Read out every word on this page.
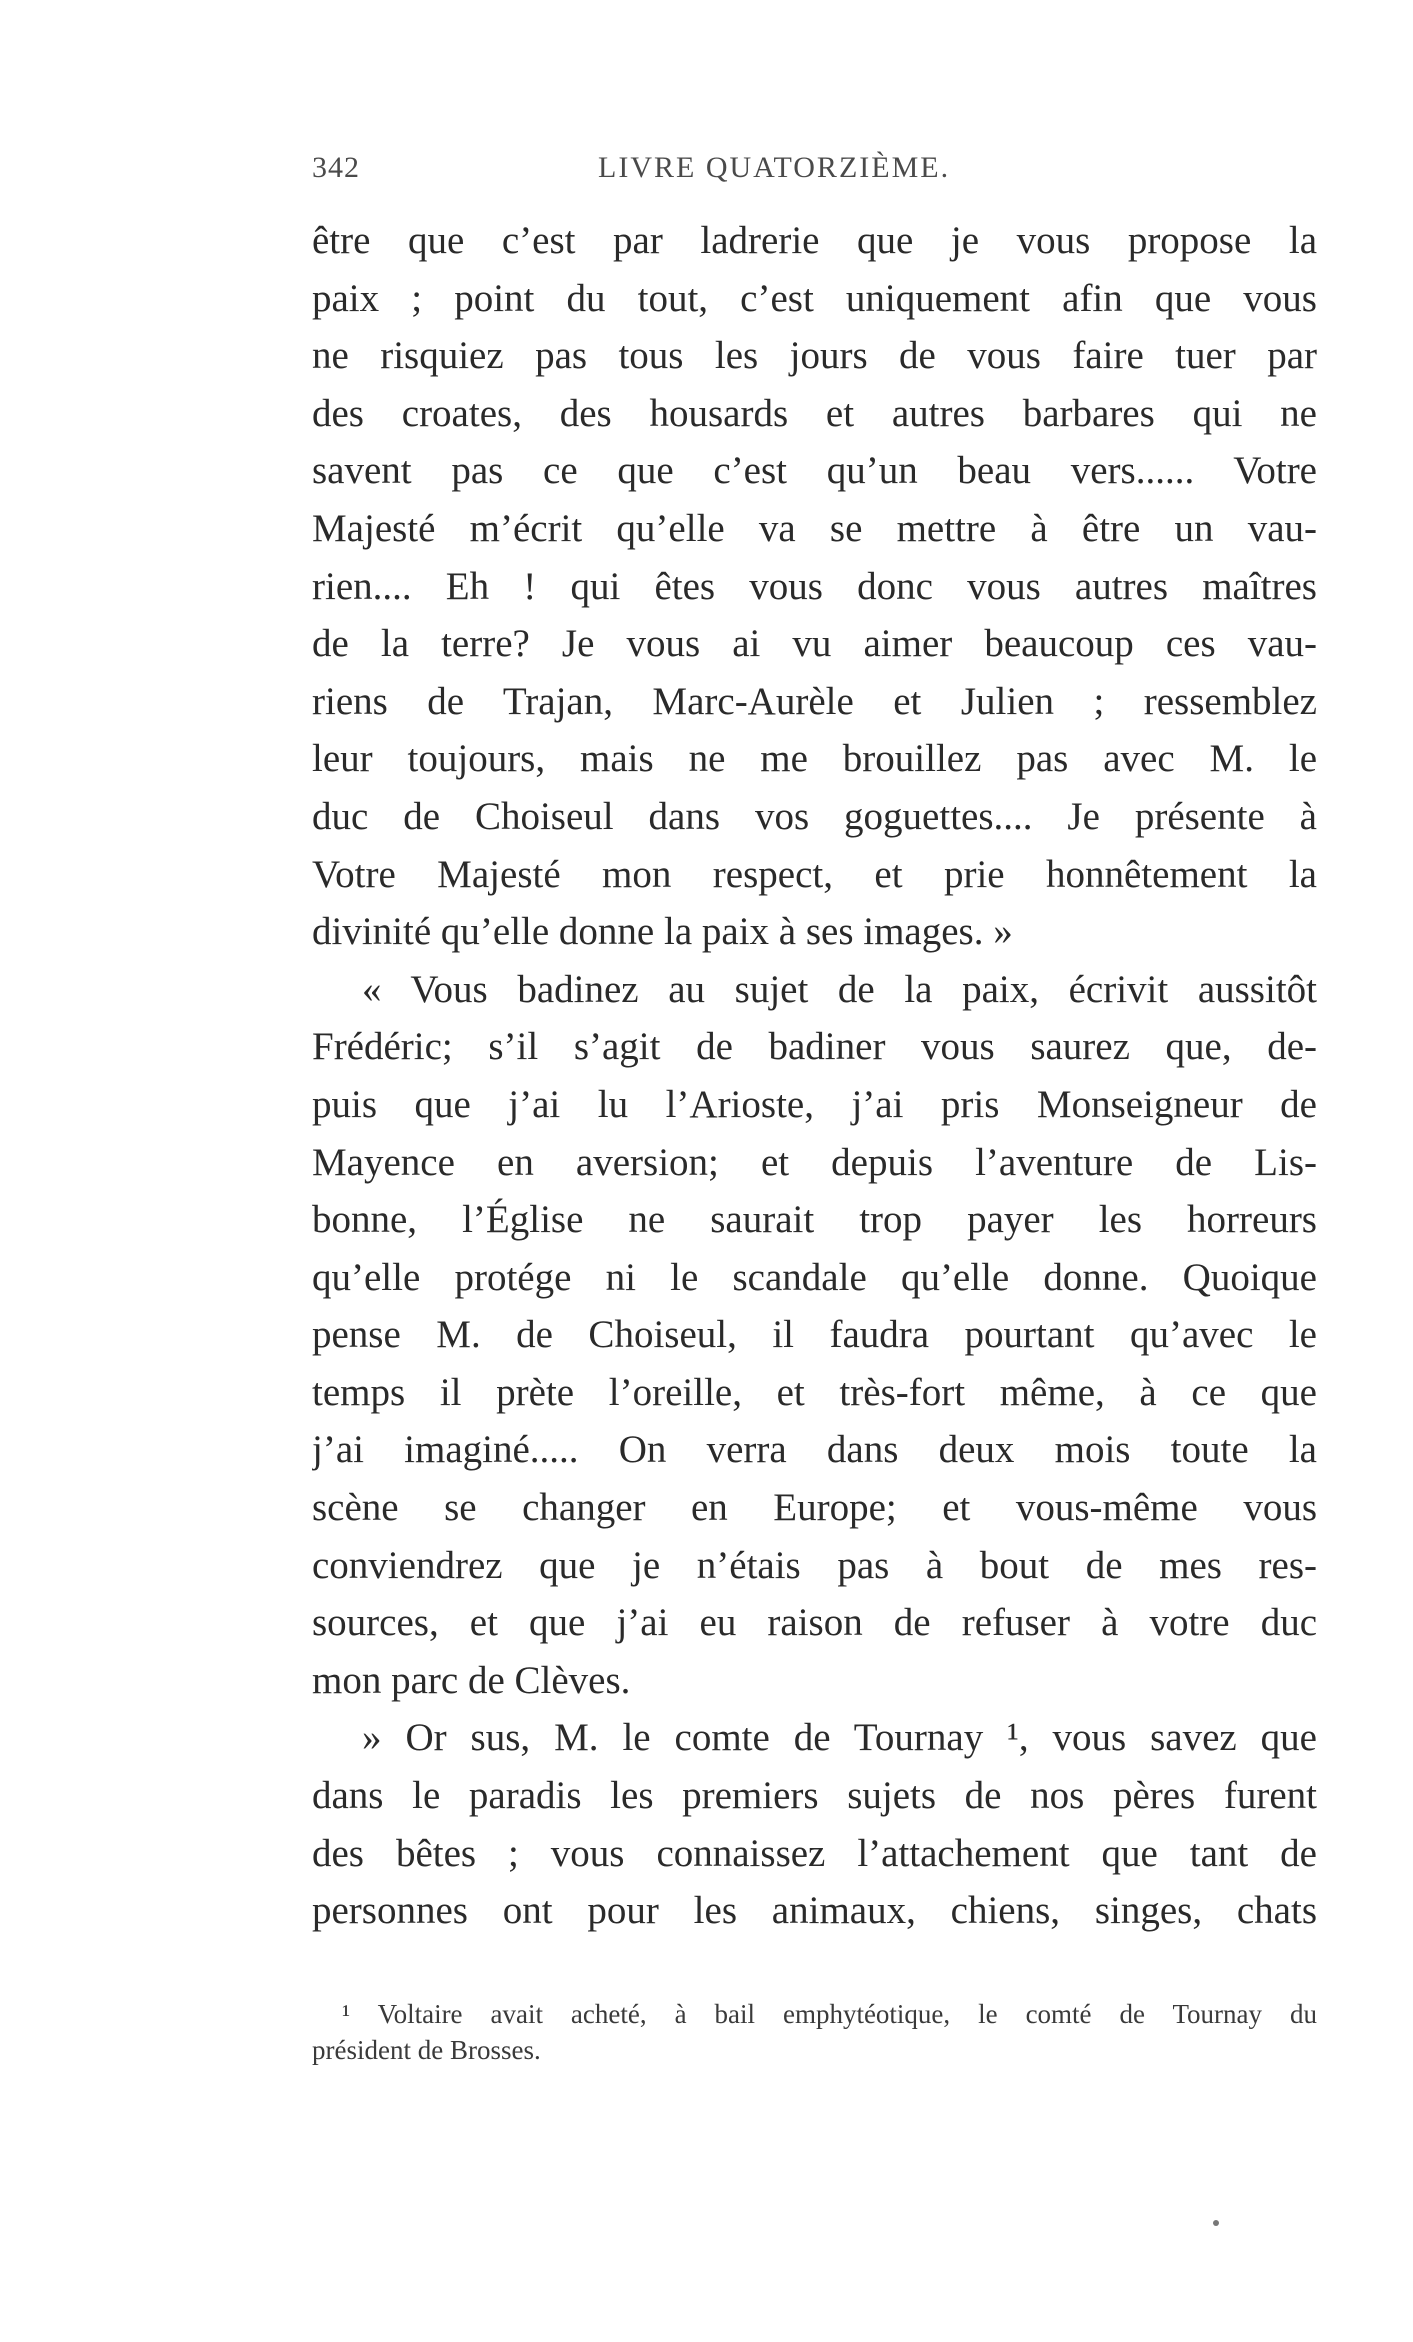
342	LIVRE QUATORZIÈME.
être que c’est par ladrerie que je vous propose la
paix ; point du tout, c’est uniquement afin que vous
ne risquiez pas tous les jours de vous faire tuer par
des croates, des housards et autres barbares qui ne
savent pas ce que c’est qu’un beau vers...... Votre
Majesté m’écrit qu’elle va se mettre à être un vau-
rien.... Eh ! qui êtes vous donc vous autres maîtres
de la terre? Je vous ai vu aimer beaucoup ces vau-
riens de Trajan, Marc-Aurèle et Julien ; ressemblez
leur toujours, mais ne me brouillez pas avec M. le
duc de Choiseul dans vos goguettes.... Je présente à
Votre Majesté mon respect, et prie honnêtement la
divinité qu’elle donne la paix à ses images. »
« Vous badinez au sujet de la paix, écrivit aussitôt
Frédéric; s’il s’agit de badiner vous saurez que, de-
puis que j’ai lu l’Arioste, j’ai pris Monseigneur de
Mayence en aversion; et depuis l’aventure de Lis-
bonne, l’Église ne saurait trop payer les horreurs
qu’elle protége ni le scandale qu’elle donne. Quoique
pense M. de Choiseul, il faudra pourtant qu’avec le
temps il prète l’oreille, et très-fort même, à ce que
j’ai imaginé..... On verra dans deux mois toute la
scène se changer en Europe; et vous-même vous
conviendrez que je n’étais pas à bout de mes res-
sources, et que j’ai eu raison de refuser à votre duc
mon parc de Clèves.
» Or sus, M. le comte de Tournay ¹, vous savez que
dans le paradis les premiers sujets de nos pères furent
des bêtes ; vous connaissez l’attachement que tant de
personnes ont pour les animaux, chiens, singes, chats
¹ Voltaire avait acheté, à bail emphytéotique, le comté de Tournay du
président de Brosses.
